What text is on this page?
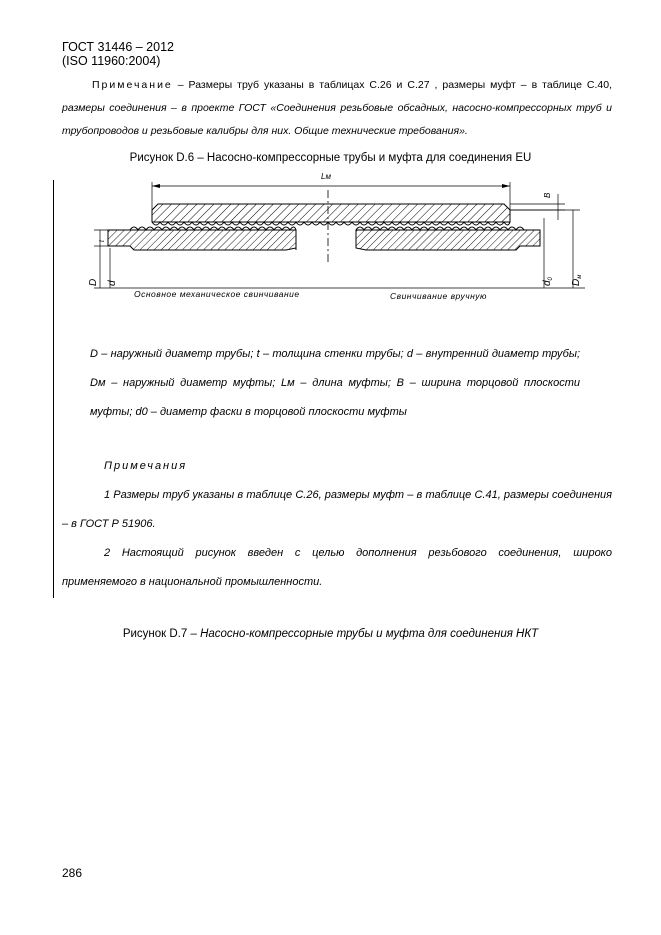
ГОСТ 31446 – 2012
(ISO 11960:2004)
Примечание – Размеры труб указаны в таблицах С.26 и С.27 , размеры муфт – в таблице С.40, размеры соединения – в проекте ГОСТ «Соединения резьбовые обсадных, насосно-компрессорных труб и трубопроводов и резьбовые калибры для них. Общие технические требования».
Рисунок D.6 – Насосно-компрессорные трубы и муфта для соединения EU
Lм
B
$d_0$ $D_м$
t
D d
Основное механическое свинчивание	Свинчивание вручную
D – наружный диаметр трубы; t – толщина стенки трубы; d – внутренний диаметр трубы; Dм – наружный диаметр муфты; Lм – длина муфты; B – ширина торцовой плоскости муфты; d0 – диаметр фаски в торцовой плоскости муфты
Примечания
1 Размеры труб указаны в таблице С.26, размеры муфт – в таблице С.41, размеры соединения – в ГОСТ Р 51906.
2 Настоящий рисунок введен с целью дополнения резьбового соединения, широко применяемого в национальной промышленности.
Рисунок D.7 – Насосно-компрессорные трубы и муфта для соединения НКТ
286
